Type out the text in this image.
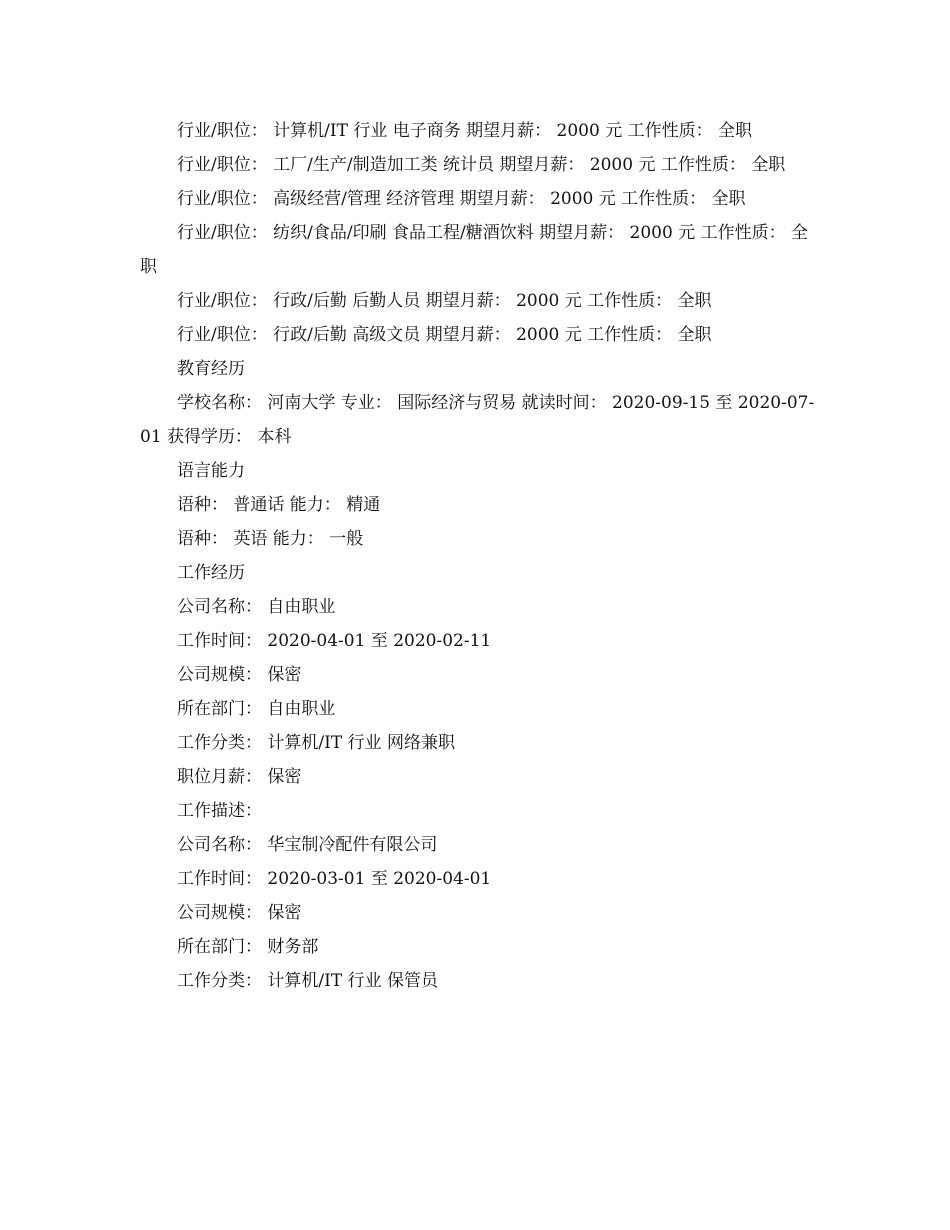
行业/职位： 计算机/IT 行业 电子商务 期望月薪： 2000 元 工作性质： 全职

行业/职位： 工厂/生产/制造加工类 统计员 期望月薪： 2000 元 工作性质： 全职

行业/职位： 高级经营/管理 经济管理 期望月薪： 2000 元 工作性质： 全职

行业/职位： 纺织/食品/印刷 食品工程/糖酒饮料 期望月薪： 2000 元 工作性质： 全职

行业/职位： 行政/后勤 后勤人员 期望月薪： 2000 元 工作性质： 全职

行业/职位： 行政/后勤 高级文员 期望月薪： 2000 元 工作性质： 全职

教育经历

学校名称： 河南大学 专业： 国际经济与贸易 就读时间： 2020-09-15 至 2020-07-01 获得学历： 本科

语言能力

语种： 普通话 能力： 精通

语种： 英语 能力： 一般

工作经历

公司名称： 自由职业

工作时间： 2020-04-01 至 2020-02-11

公司规模： 保密

所在部门： 自由职业

工作分类： 计算机/IT 行业 网络兼职

职位月薪： 保密

工作描述：

公司名称： 华宝制冷配件有限公司

工作时间： 2020-03-01 至 2020-04-01

公司规模： 保密

所在部门： 财务部

工作分类： 计算机/IT 行业 保管员
